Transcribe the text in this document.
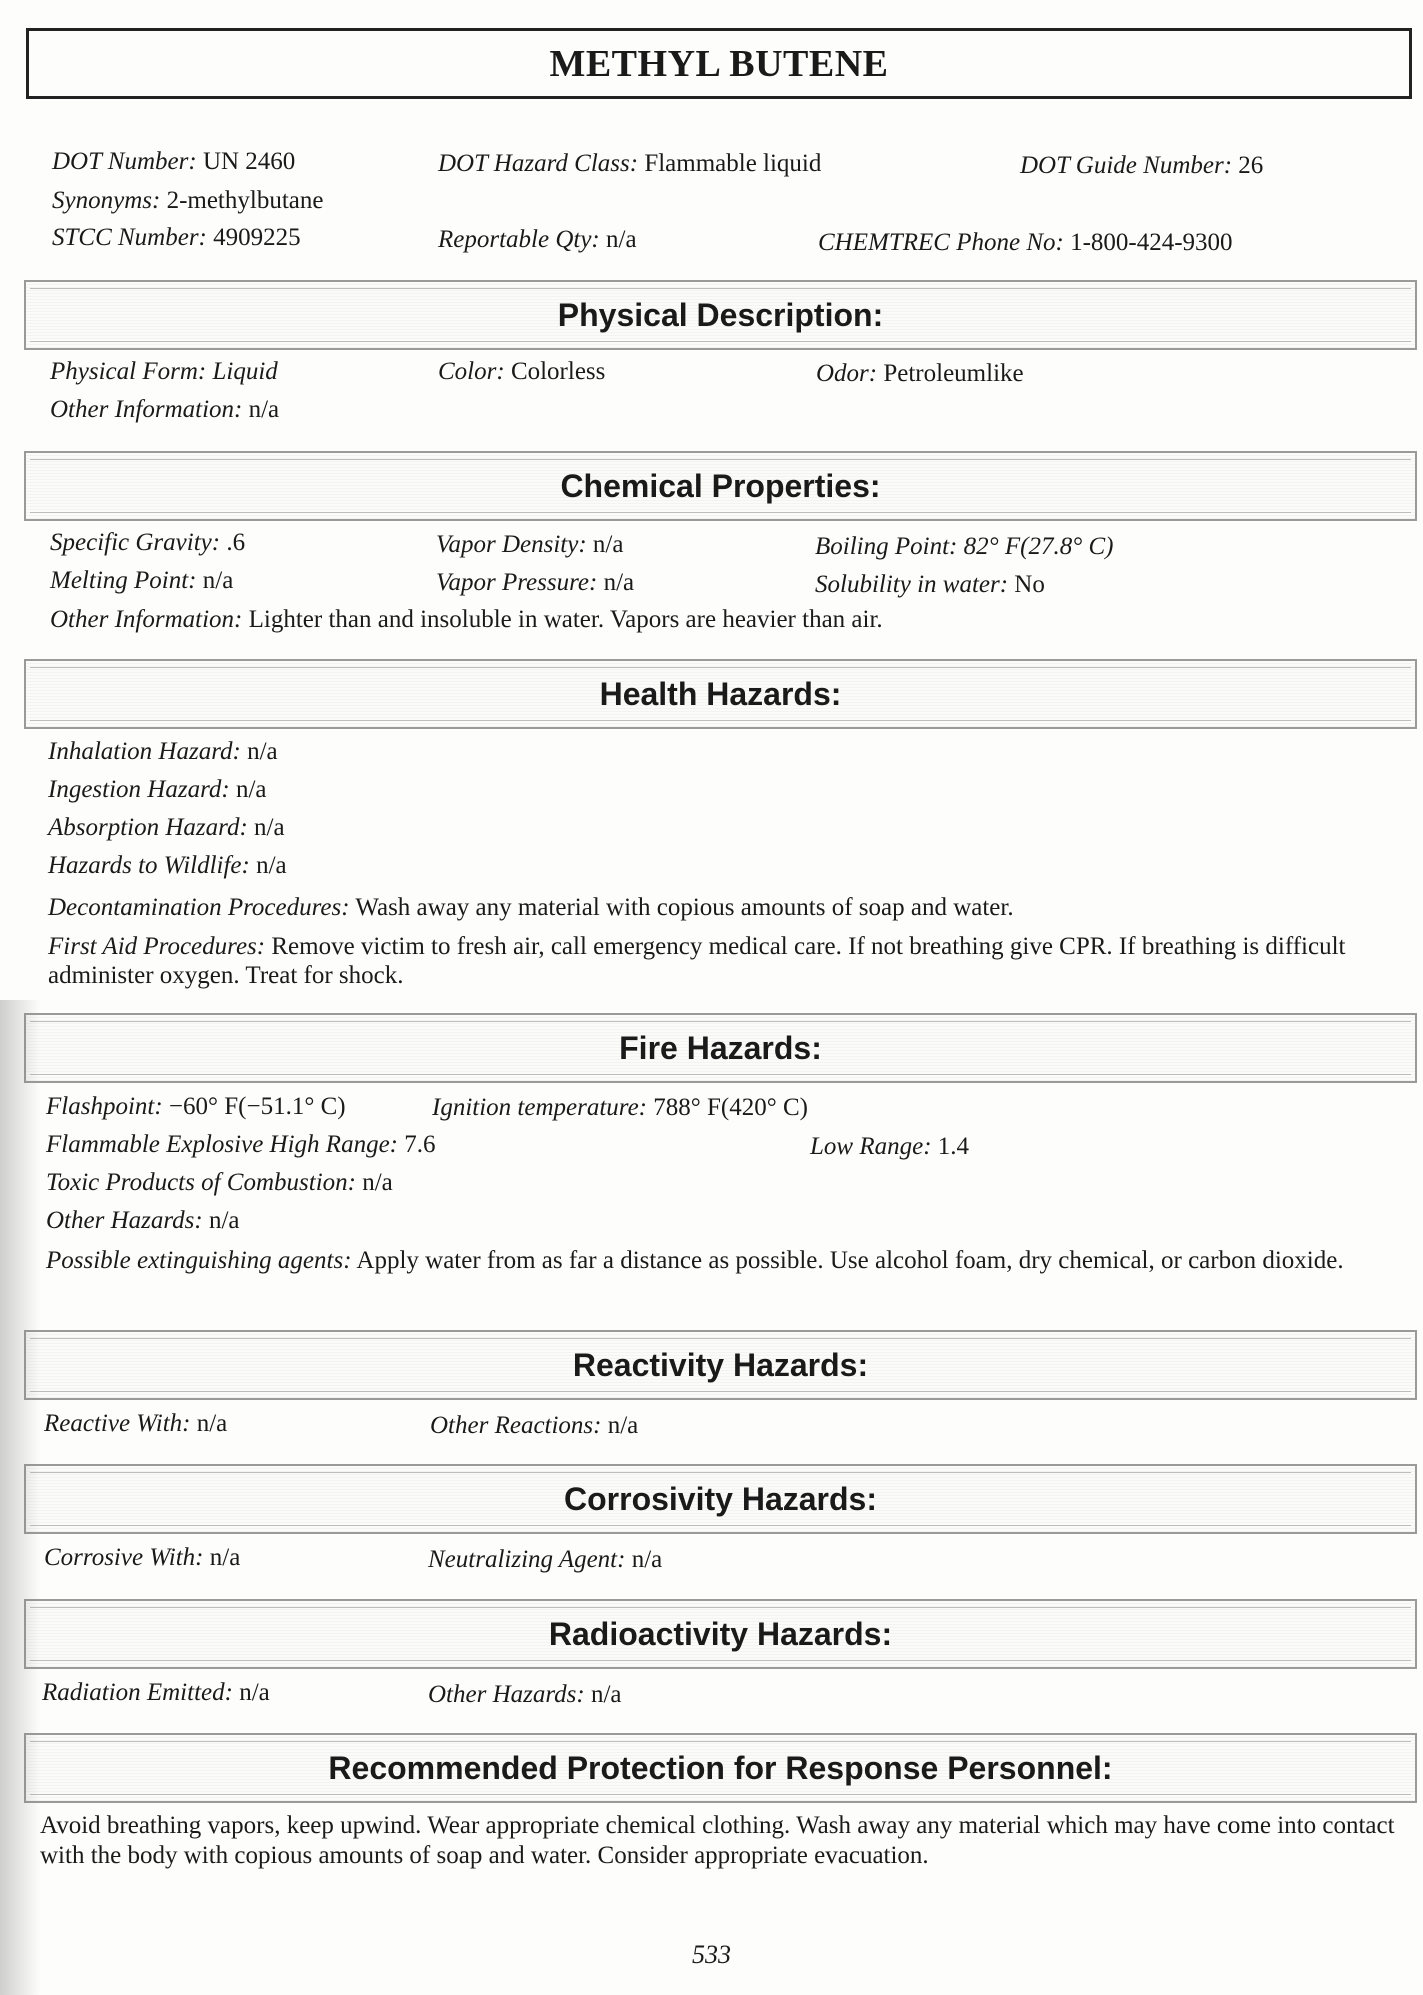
METHYL BUTENE
DOT Number: UN 2460	DOT Hazard Class: Flammable liquid	DOT Guide Number: 26
Synonyms: 2-methylbutane
STCC Number: 4909225	Reportable Qty: n/a	CHEMTREC Phone No: 1-800-424-9300
Physical Description:
Physical Form: Liquid	Color: Colorless	Odor: Petroleumlike
Other Information: n/a
Chemical Properties:
Specific Gravity: .6	Vapor Density: n/a	Boiling Point: 82° F(27.8° C)
Melting Point: n/a	Vapor Pressure: n/a	Solubility in water: No
Other Information: Lighter than and insoluble in water. Vapors are heavier than air.
Health Hazards:
Inhalation Hazard: n/a
Ingestion Hazard: n/a
Absorption Hazard: n/a
Hazards to Wildlife: n/a
Decontamination Procedures: Wash away any material with copious amounts of soap and water.
First Aid Procedures: Remove victim to fresh air, call emergency medical care. If not breathing give CPR. If breathing is difficult administer oxygen. Treat for shock.
Fire Hazards:
Flashpoint: −60° F(−51.1° C)	Ignition temperature: 788° F(420° C)
Flammable Explosive High Range: 7.6	Low Range: 1.4
Toxic Products of Combustion: n/a
Other Hazards: n/a
Possible extinguishing agents: Apply water from as far a distance as possible. Use alcohol foam, dry chemical, or carbon dioxide.
Reactivity Hazards:
Reactive With: n/a	Other Reactions: n/a
Corrosivity Hazards:
Corrosive With: n/a	Neutralizing Agent: n/a
Radioactivity Hazards:
Radiation Emitted: n/a	Other Hazards: n/a
Recommended Protection for Response Personnel:
Avoid breathing vapors, keep upwind. Wear appropriate chemical clothing. Wash away any material which may have come into contact with the body with copious amounts of soap and water. Consider appropriate evacuation.
533
